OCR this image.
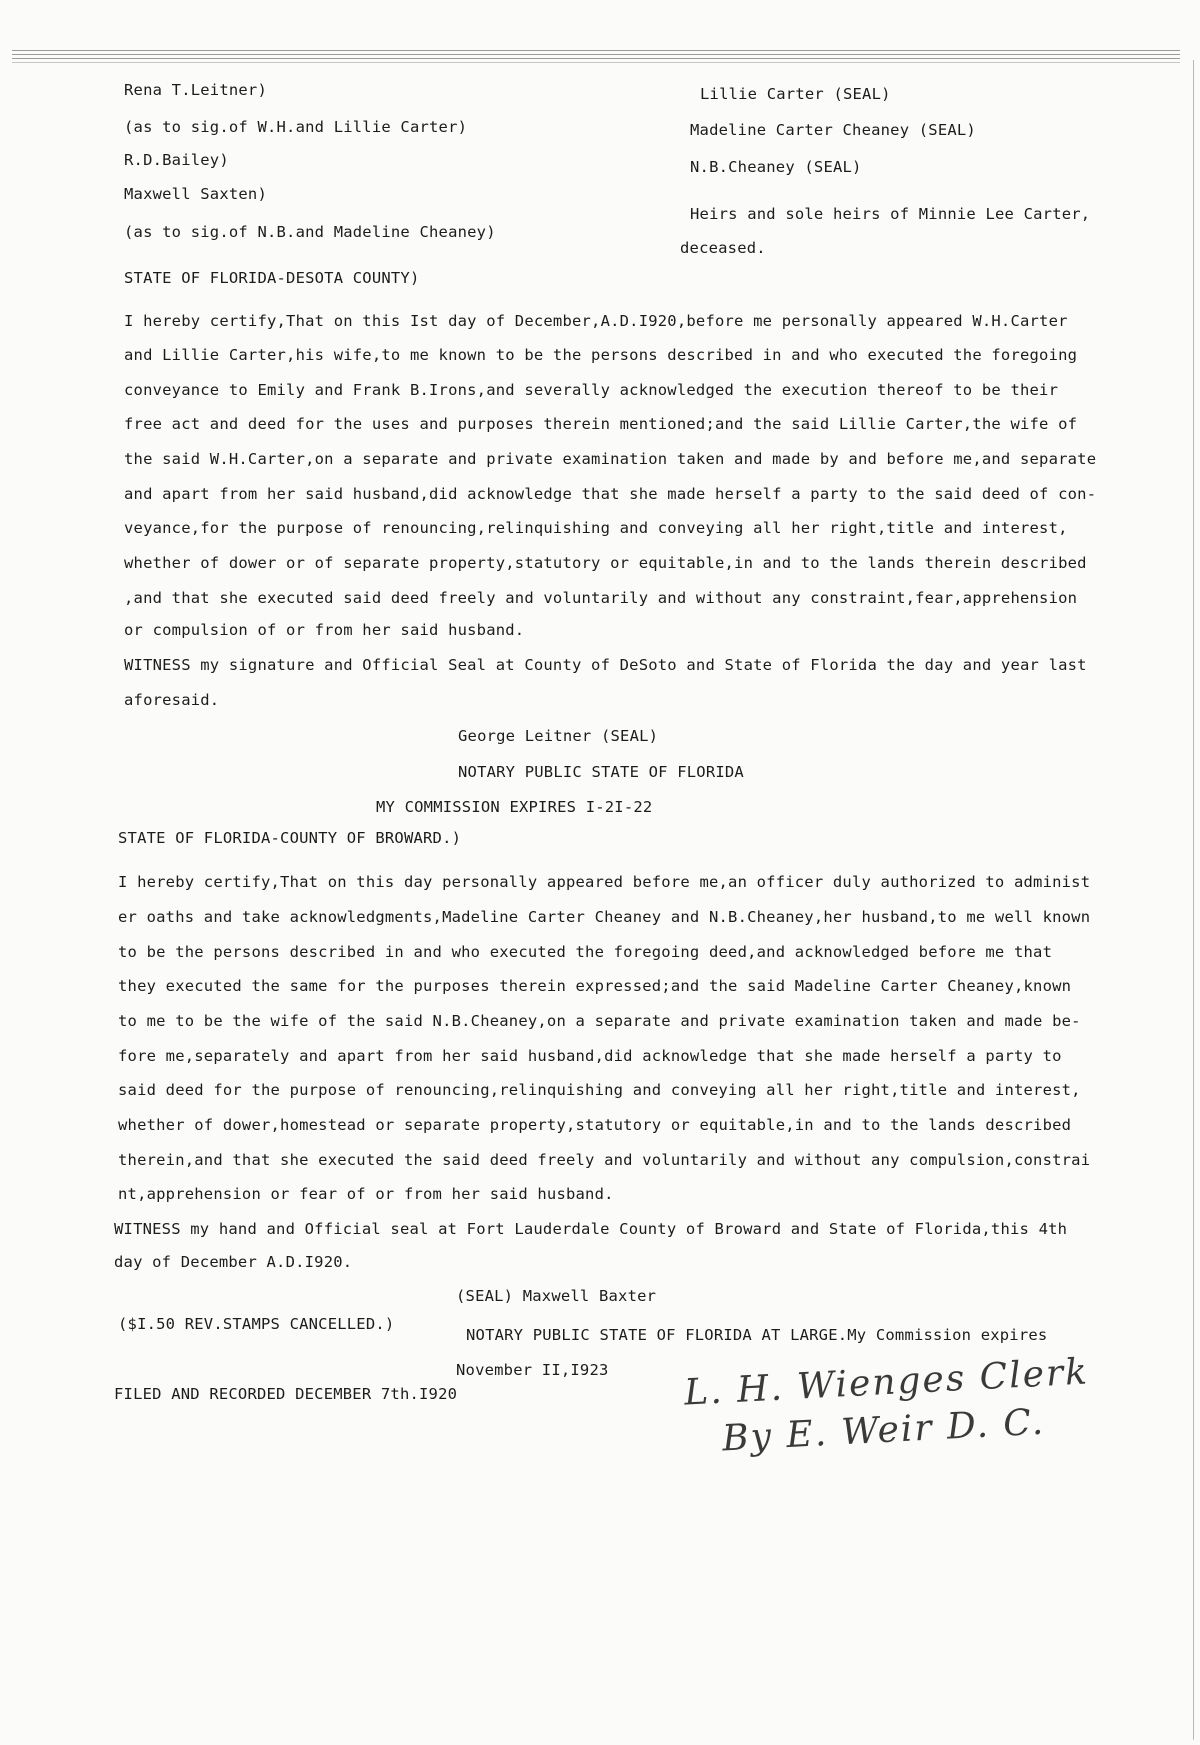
Rena T.Leitner)
(as to sig.of W.H.and Lillie Carter)
R.D.Bailey)
Maxwell Saxten)
(as to sig.of N.B.and Madeline Cheaney)
Lillie Carter (SEAL)
Madeline Carter Cheaney (SEAL)
N.B.Cheaney (SEAL)
Heirs and sole heirs of Minnie Lee Carter,
deceased.
STATE OF FLORIDA-DESOTA COUNTY)
I hereby certify,That on this Ist day of December,A.D.I920,before me personally appeared W.H.Carter
and Lillie Carter,his wife,to me known to be the persons described in and who executed the foregoing
conveyance to Emily and Frank B.Irons,and severally acknowledged the execution thereof to be their
free act and deed for the uses and purposes therein mentioned;and the said Lillie Carter,the wife of
the said W.H.Carter,on a separate and private examination taken and made by and before me,and separate
and apart from her said husband,did acknowledge that she made herself a party to the said deed of con-
veyance,for the purpose of renouncing,relinquishing and conveying all her right,title and interest,
whether of dower or of separate property,statutory or equitable,in and to the lands therein described
,and that she executed said deed freely and voluntarily and without any constraint,fear,apprehension
or compulsion of or from her said husband.
WITNESS my signature and Official Seal at County of DeSoto and State of Florida the day and year last
aforesaid.
George Leitner (SEAL)
NOTARY PUBLIC STATE OF FLORIDA
MY COMMISSION EXPIRES I-2I-22
STATE OF FLORIDA-COUNTY OF BROWARD.)
I hereby certify,That on this day personally appeared before me,an officer duly authorized to administ
er oaths and take acknowledgments,Madeline Carter Cheaney and N.B.Cheaney,her husband,to me well known
to be the persons described in and who executed the foregoing deed,and acknowledged before me that
they executed the same for the purposes therein expressed;and the said Madeline Carter Cheaney,known
to me to be the wife of the said N.B.Cheaney,on a separate and private examination taken and made be-
fore me,separately and apart from her said husband,did acknowledge that she made herself a party to
said deed for the purpose of renouncing,relinquishing and conveying all her right,title and interest,
whether of dower,homestead or separate property,statutory or equitable,in and to the lands described
therein,and that she executed the said deed freely and voluntarily and without any compulsion,constrai
nt,apprehension or fear of or from her said husband.
WITNESS my hand and Official seal at Fort Lauderdale County of Broward and State of Florida,this 4th
day of December A.D.I920.
(SEAL) Maxwell Baxter
($I.50 REV.STAMPS CANCELLED.)
NOTARY PUBLIC STATE OF FLORIDA AT LARGE.My Commission expires
November II,I923
FILED AND RECORDED DECEMBER 7th.I920	L. H. Wienges Clerk
By E. Weir D. C.
